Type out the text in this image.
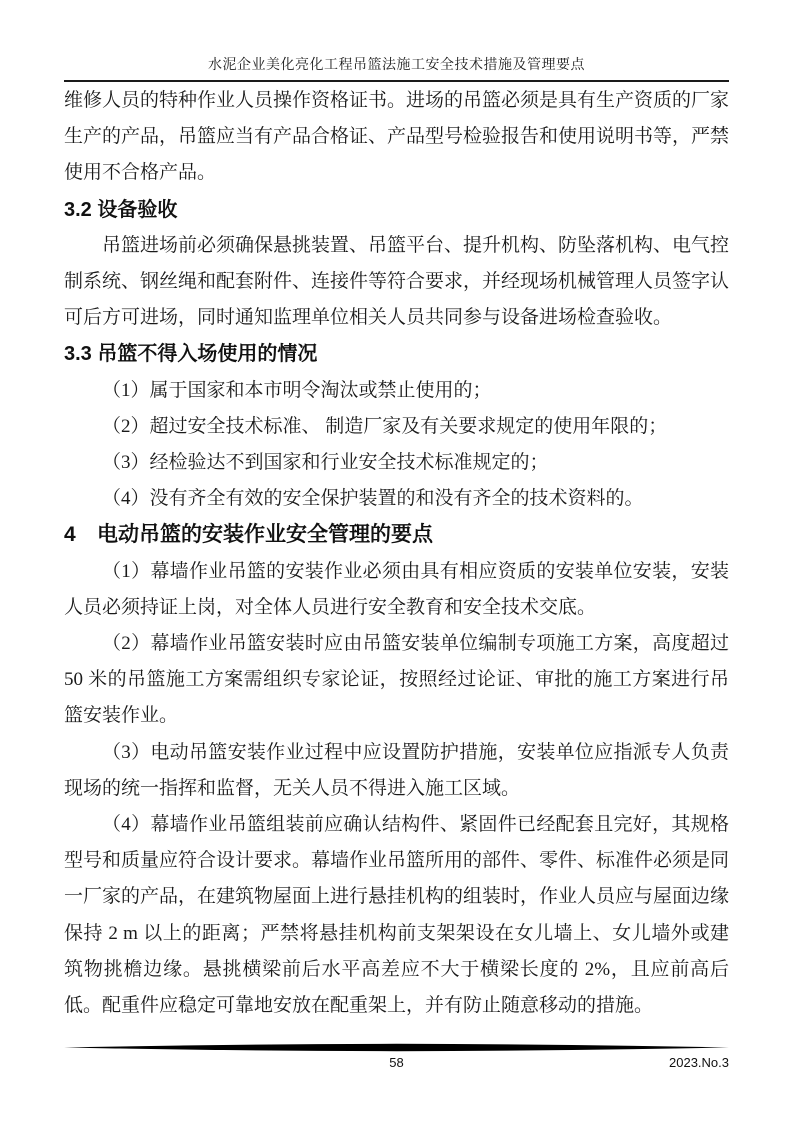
水泥企业美化亮化工程吊篮法施工安全技术措施及管理要点

维修人员的特种作业人员操作资格证书。进场的吊篮必须是具有生产资质的厂家生产的产品，吊篮应当有产品合格证、产品型号检验报告和使用说明书等，严禁使用不合格产品。

3.2 设备验收

吊篮进场前必须确保悬挑装置、吊篮平台、提升机构、防坠落机构、电气控制系统、钢丝绳和配套附件、连接件等符合要求，并经现场机械管理人员签字认可后方可进场，同时通知监理单位相关人员共同参与设备进场检查验收。

3.3 吊篮不得入场使用的情况

（1）属于国家和本市明令淘汰或禁止使用的；

（2）超过安全技术标准、 制造厂家及有关要求规定的使用年限的；

（3）经检验达不到国家和行业安全技术标准规定的；

（4）没有齐全有效的安全保护装置的和没有齐全的技术资料的。

4 电动吊篮的安装作业安全管理的要点

（1）幕墙作业吊篮的安装作业必须由具有相应资质的安装单位安装，安装人员必须持证上岗，对全体人员进行安全教育和安全技术交底。

（2）幕墙作业吊篮安装时应由吊篮安装单位编制专项施工方案，高度超过 50 米的吊篮施工方案需组织专家论证，按照经过论证、审批的施工方案进行吊篮安装作业。

（3）电动吊篮安装作业过程中应设置防护措施，安装单位应指派专人负责现场的统一指挥和监督，无关人员不得进入施工区域。

（4）幕墙作业吊篮组装前应确认结构件、紧固件已经配套且完好，其规格型号和质量应符合设计要求。幕墙作业吊篮所用的部件、零件、标准件必须是同一厂家的产品，在建筑物屋面上进行悬挂机构的组装时，作业人员应与屋面边缘保持 2 m 以上的距离；严禁将悬挂机构前支架架设在女儿墙上、女儿墙外或建筑物挑檐边缘。悬挑横梁前后水平高差应不大于横梁长度的 2%，且应前高后低。配重件应稳定可靠地安放在配重架上，并有防止随意移动的措施。

58	2023.No.3
